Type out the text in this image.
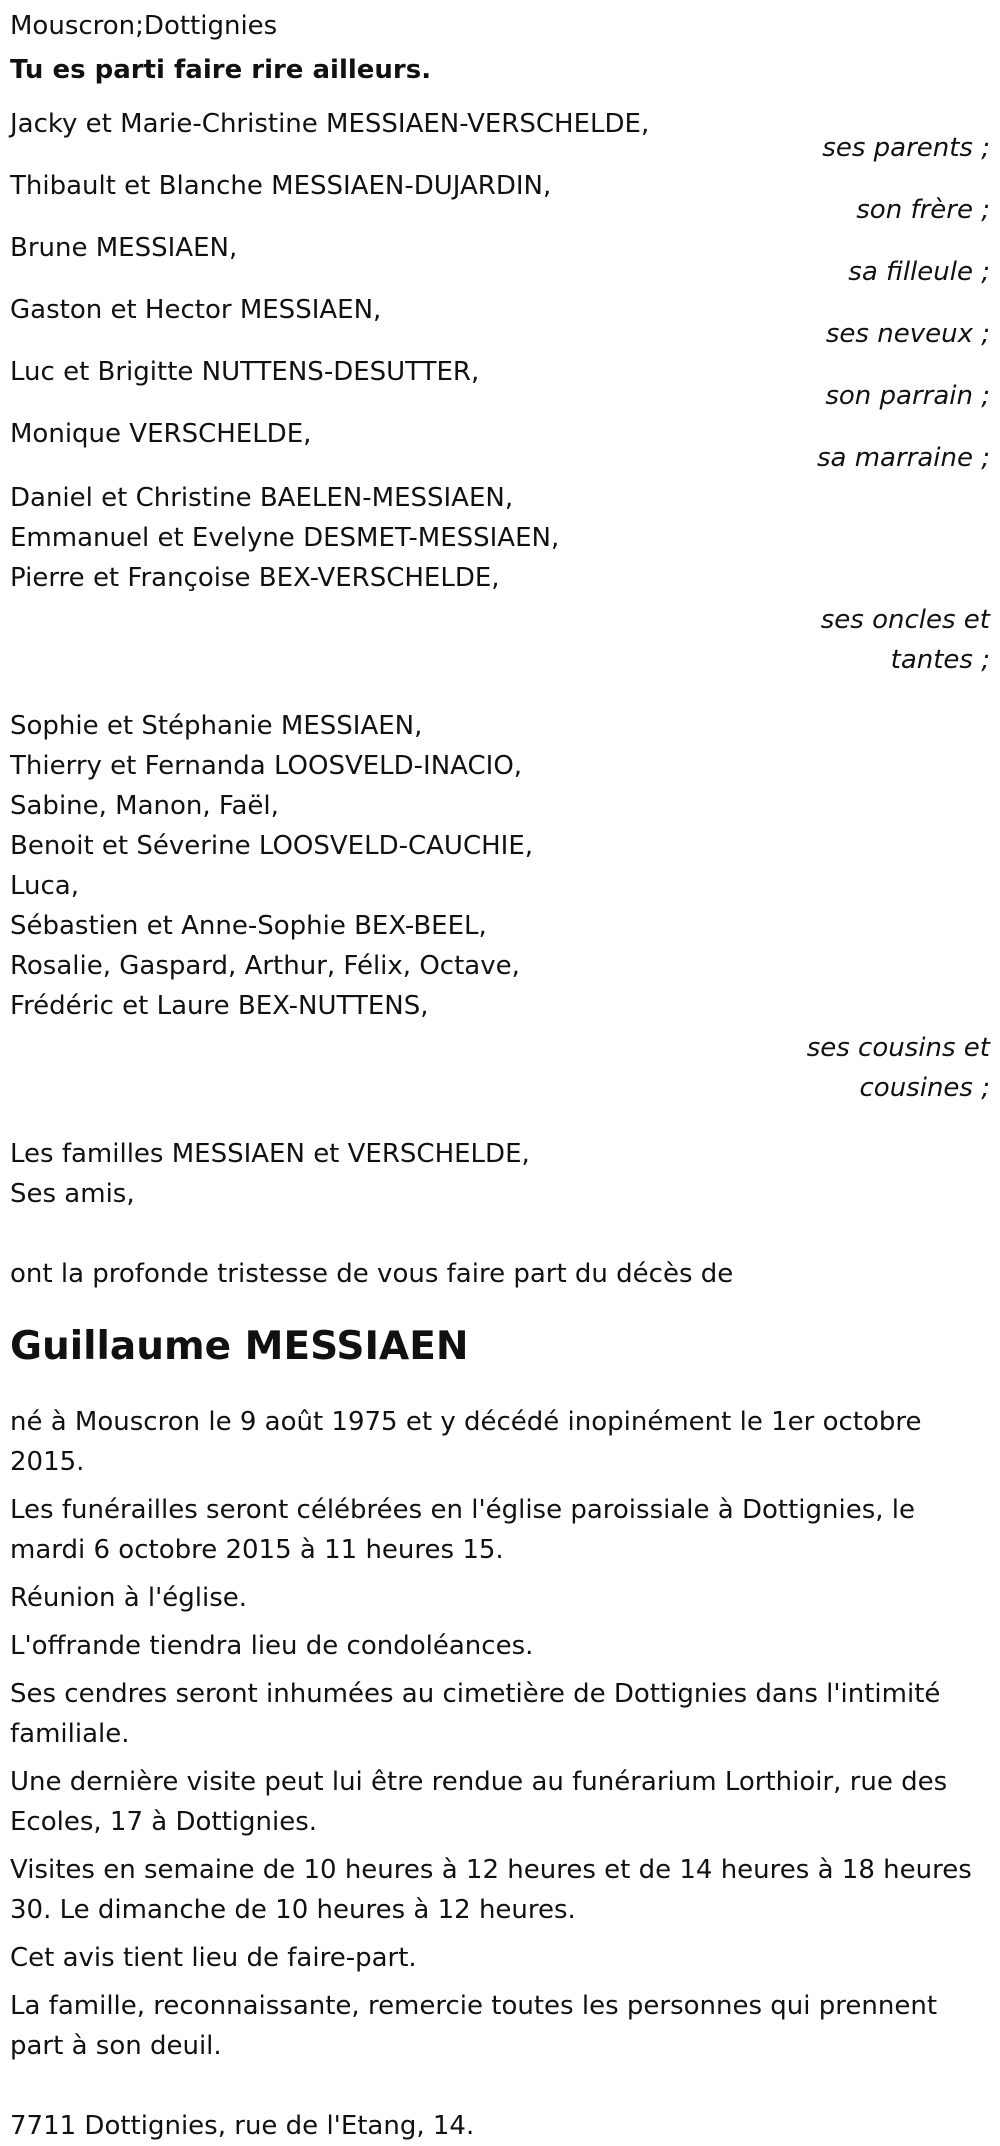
Mouscron;Dottignies

Tu es parti faire rire ailleurs.

Jacky et Marie-Christine MESSIAEN-VERSCHELDE,

ses parents ;

Thibault et Blanche MESSIAEN-DUJARDIN,

son frère ;

Brune MESSIAEN,

sa filleule ;

Gaston et Hector MESSIAEN,

ses neveux ;

Luc et Brigitte NUTTENS-DESUTTER,

son parrain ;

Monique VERSCHELDE,

sa marraine ;

Daniel et Christine BAELEN-MESSIAEN,

Emmanuel et Evelyne DESMET-MESSIAEN,

Pierre et Françoise BEX-VERSCHELDE,

ses oncles et tantes ;

Sophie et Stéphanie MESSIAEN,

Thierry et Fernanda LOOSVELD-INACIO,

Sabine, Manon, Faël,

Benoit et Séverine LOOSVELD-CAUCHIE,

Luca,

Sébastien et Anne-Sophie BEX-BEEL,

Rosalie, Gaspard, Arthur, Félix, Octave,

Frédéric et Laure BEX-NUTTENS,

ses cousins et cousines ;

Les familles MESSIAEN et VERSCHELDE,

Ses amis,

ont la profonde tristesse de vous faire part du décès de

Guillaume MESSIAEN

né à Mouscron le 9 août 1975 et y décédé inopinément le 1er octobre 2015.

Les funérailles seront célébrées en l'église paroissiale à Dottignies, le mardi 6 octobre 2015 à 11 heures 15.

Réunion à l'église.

L'offrande tiendra lieu de condoléances.

Ses cendres seront inhumées au cimetière de Dottignies dans l'intimité familiale.

Une dernière visite peut lui être rendue au funérarium Lorthioir, rue des Ecoles, 17 à Dottignies.

Visites en semaine de 10 heures à 12 heures et de 14 heures à 18 heures 30. Le dimanche de 10 heures à 12 heures.

Cet avis tient lieu de faire-part.

La famille, reconnaissante, remercie toutes les personnes qui prennent part à son deuil.

7711 Dottignies, rue de l'Etang, 14.
